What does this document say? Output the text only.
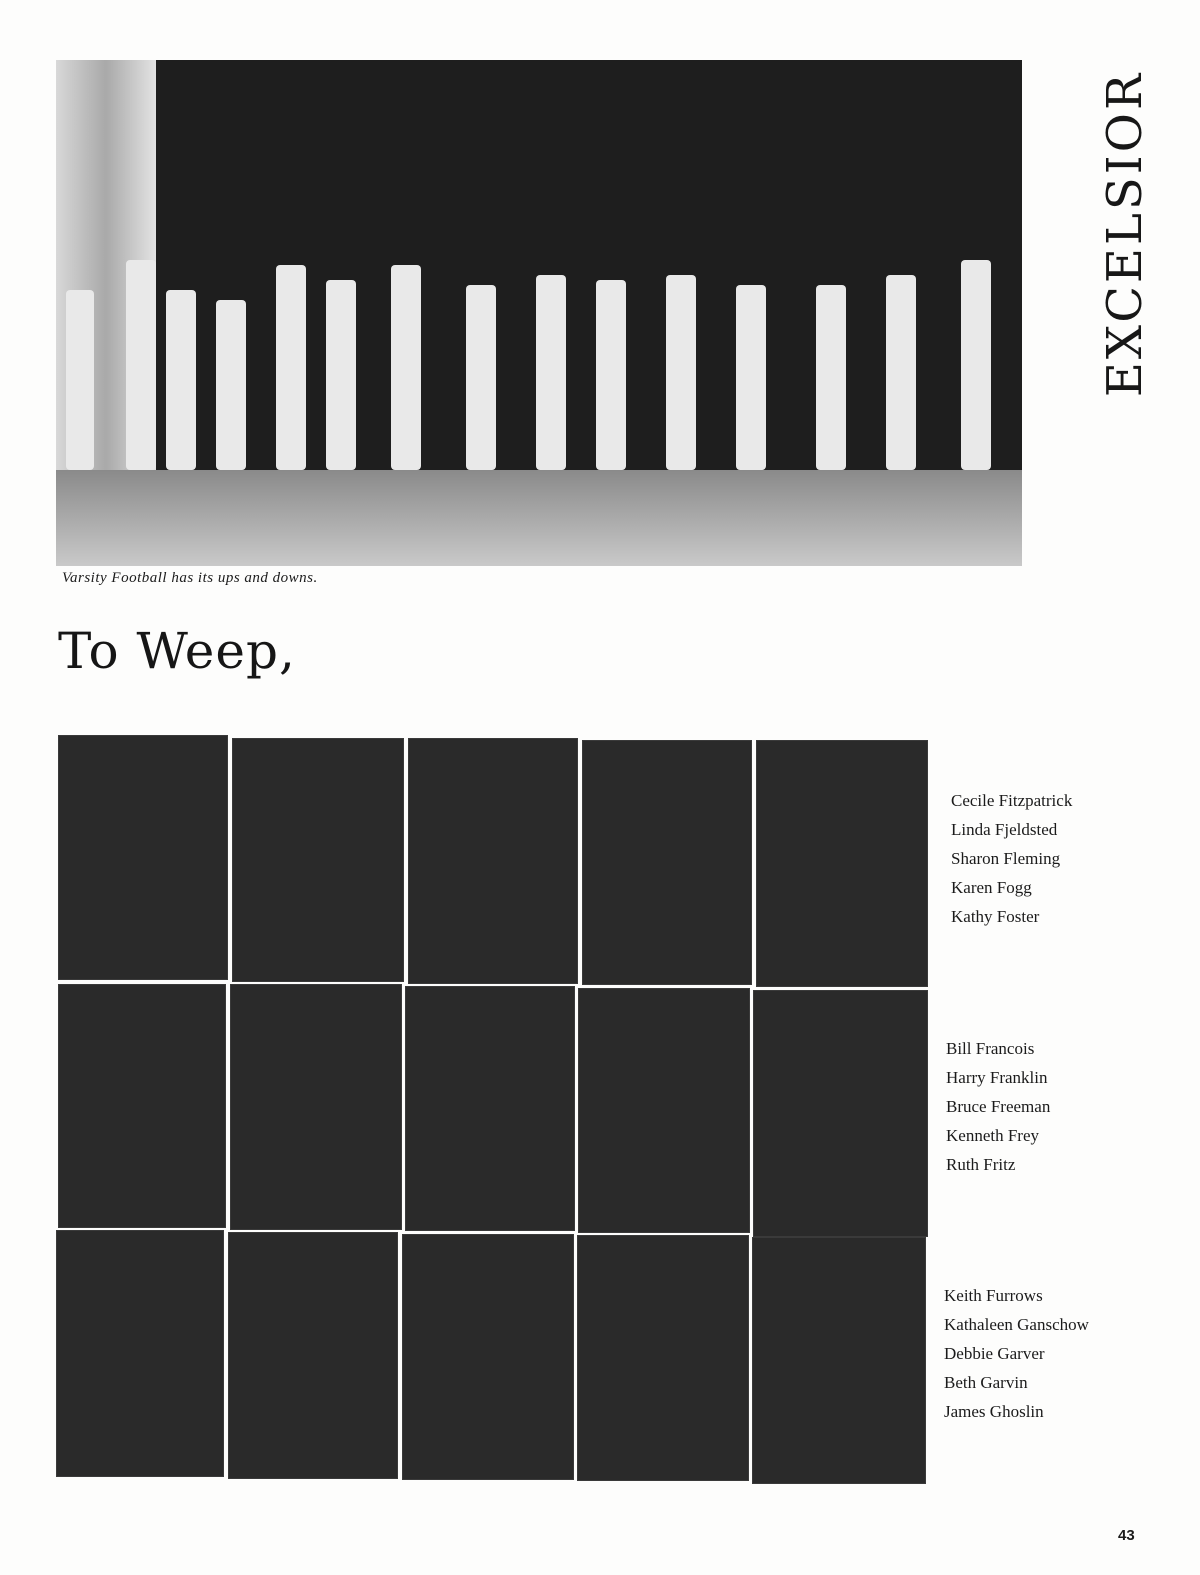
Varsity Football has its ups and downs.
EXCELSIOR
To Weep,
Cecile Fitzpatrick
Linda Fjeldsted
Sharon Fleming
Karen Fogg
Kathy Foster
Bill Francois
Harry Franklin
Bruce Freeman
Kenneth Frey
Ruth Fritz
Keith Furrows
Kathaleen Ganschow
Debbie Garver
Beth Garvin
James Ghoslin
43
